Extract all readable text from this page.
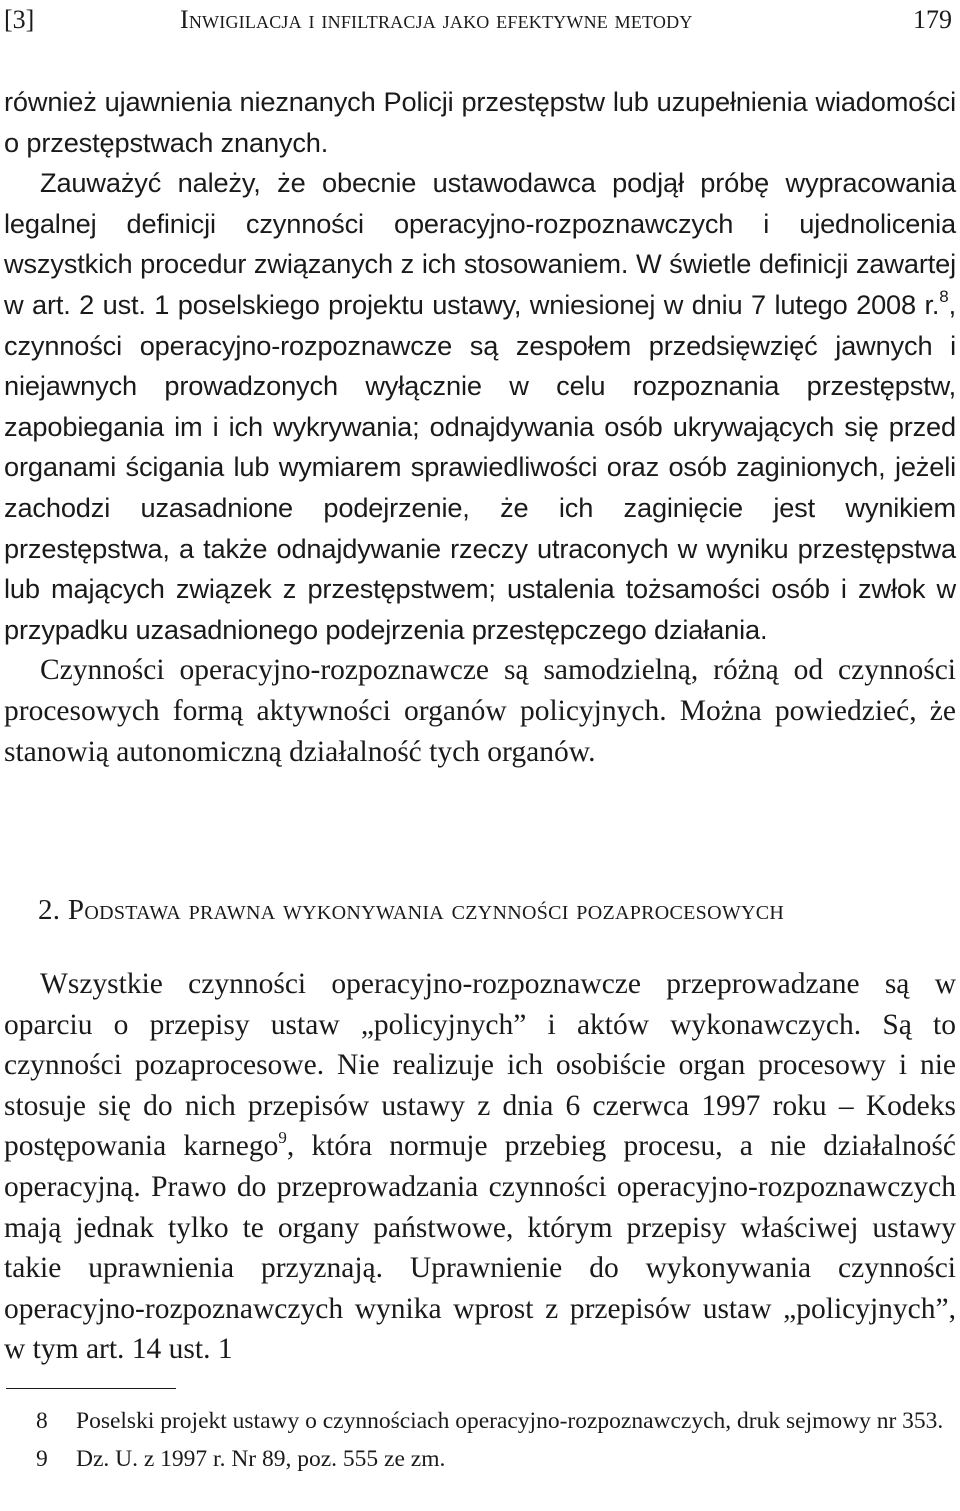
[3]	Inwigilacja i infiltracja jako efektywne metody	179

również ujawnienia nieznanych Policji przestępstw lub uzupełnienia wiadomości o przestępstwach znanych.

Zauważyć należy, że obecnie ustawodawca podjął próbę wypracowania legalnej definicji czynności operacyjno-rozpoznawczych i ujednolicenia wszystkich procedur związanych z ich stosowaniem. W świetle definicji zawartej w art. 2 ust. 1 poselskiego projektu ustawy, wniesionej w dniu 7 lutego 2008 r.$^8$, czynności operacyjno-rozpoznawcze są zespołem przedsięwzięć jawnych i niejawnych prowadzonych wyłącznie w celu rozpoznania przestępstw, zapobiegania im i ich wykrywania; odnajdywania osób ukrywających się przed organami ścigania lub wymiarem sprawiedliwości oraz osób zaginionych, jeżeli zachodzi uzasadnione podejrzenie, że ich zaginięcie jest wynikiem przestępstwa, a także odnajdywanie rzeczy utraconych w wyniku przestępstwa lub mających związek z przestępstwem; ustalenia tożsamości osób i zwłok w przypadku uzasadnionego podejrzenia przestępczego działania.

Czynności operacyjno-rozpoznawcze są samodzielną, różną od czynności procesowych formą aktywności organów policyjnych. Można powiedzieć, że stanowią autonomiczną działalność tych organów.

2. Podstawa prawna wykonywania czynności pozaprocesowych

Wszystkie czynności operacyjno-rozpoznawcze przeprowadzane są w oparciu o przepisy ustaw „policyjnych” i aktów wykonawczych. Są to czynności pozaprocesowe. Nie realizuje ich osobiście organ procesowy i nie stosuje się do nich przepisów ustawy z dnia 6 czerwca 1997 roku – Kodeks postępowania karnego$^9$, która normuje przebieg procesu, a nie działalność operacyjną. Prawo do przeprowadzania czynności operacyjno-rozpoznawczych mają jednak tylko te organy państwowe, którym przepisy właściwej ustawy takie uprawnienia przyznają. Uprawnienie do wykonywania czynności operacyjno-rozpoznawczych wynika wprost z przepisów ustaw „policyjnych”, w tym art. 14 ust. 1

8 Poselski projekt ustawy o czynnościach operacyjno-rozpoznawczych, druk sejmowy nr 353.

9 Dz. U. z 1997 r. Nr 89, poz. 555 ze zm.
